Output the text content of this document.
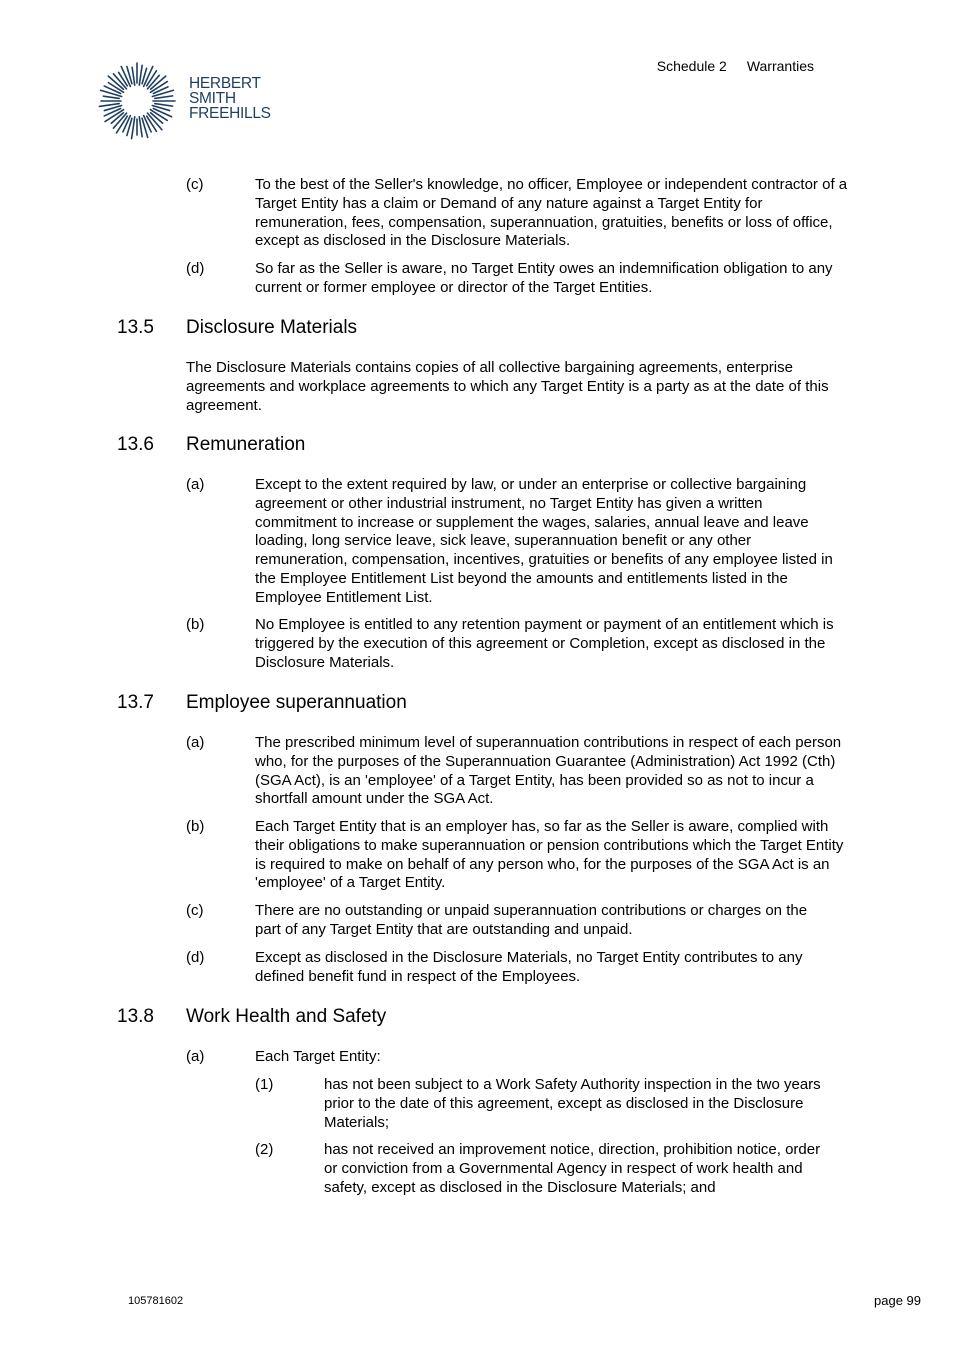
HERBERT
SMITH
FREEHILLS
Schedule 2 Warranties
(c)	To the best of the Seller's knowledge, no officer, Employee or independent contractor of a Target Entity has a claim or Demand of any nature against a Target Entity for remuneration, fees, compensation, superannuation, gratuities, benefits or loss of office, except as disclosed in the Disclosure Materials.
(d)	So far as the Seller is aware, no Target Entity owes an indemnification obligation to any current or former employee or director of the Target Entities.
13.5 Disclosure Materials
The Disclosure Materials contains copies of all collective bargaining agreements, enterprise agreements and workplace agreements to which any Target Entity is a party as at the date of this agreement.
13.6 Remuneration
(a)	Except to the extent required by law, or under an enterprise or collective bargaining agreement or other industrial instrument, no Target Entity has given a written commitment to increase or supplement the wages, salaries, annual leave and leave loading, long service leave, sick leave, superannuation benefit or any other remuneration, compensation, incentives, gratuities or benefits of any employee listed in the Employee Entitlement List beyond the amounts and entitlements listed in the Employee Entitlement List.
(b)	No Employee is entitled to any retention payment or payment of an entitlement which is triggered by the execution of this agreement or Completion, except as disclosed in the Disclosure Materials.
13.7 Employee superannuation
(a)	The prescribed minimum level of superannuation contributions in respect of each person who, for the purposes of the Superannuation Guarantee (Administration) Act 1992 (Cth) (SGA Act), is an 'employee' of a Target Entity, has been provided so as not to incur a shortfall amount under the SGA Act.
(b)	Each Target Entity that is an employer has, so far as the Seller is aware, complied with their obligations to make superannuation or pension contributions which the Target Entity is required to make on behalf of any person who, for the purposes of the SGA Act is an 'employee' of a Target Entity.
(c)	There are no outstanding or unpaid superannuation contributions or charges on the part of any Target Entity that are outstanding and unpaid.
(d)	Except as disclosed in the Disclosure Materials, no Target Entity contributes to any defined benefit fund in respect of the Employees.
13.8 Work Health and Safety
(a)	Each Target Entity:
(1)	has not been subject to a Work Safety Authority inspection in the two years prior to the date of this agreement, except as disclosed in the Disclosure Materials;
(2)	has not received an improvement notice, direction, prohibition notice, order or conviction from a Governmental Agency in respect of work health and safety, except as disclosed in the Disclosure Materials; and
105781602	page 99
